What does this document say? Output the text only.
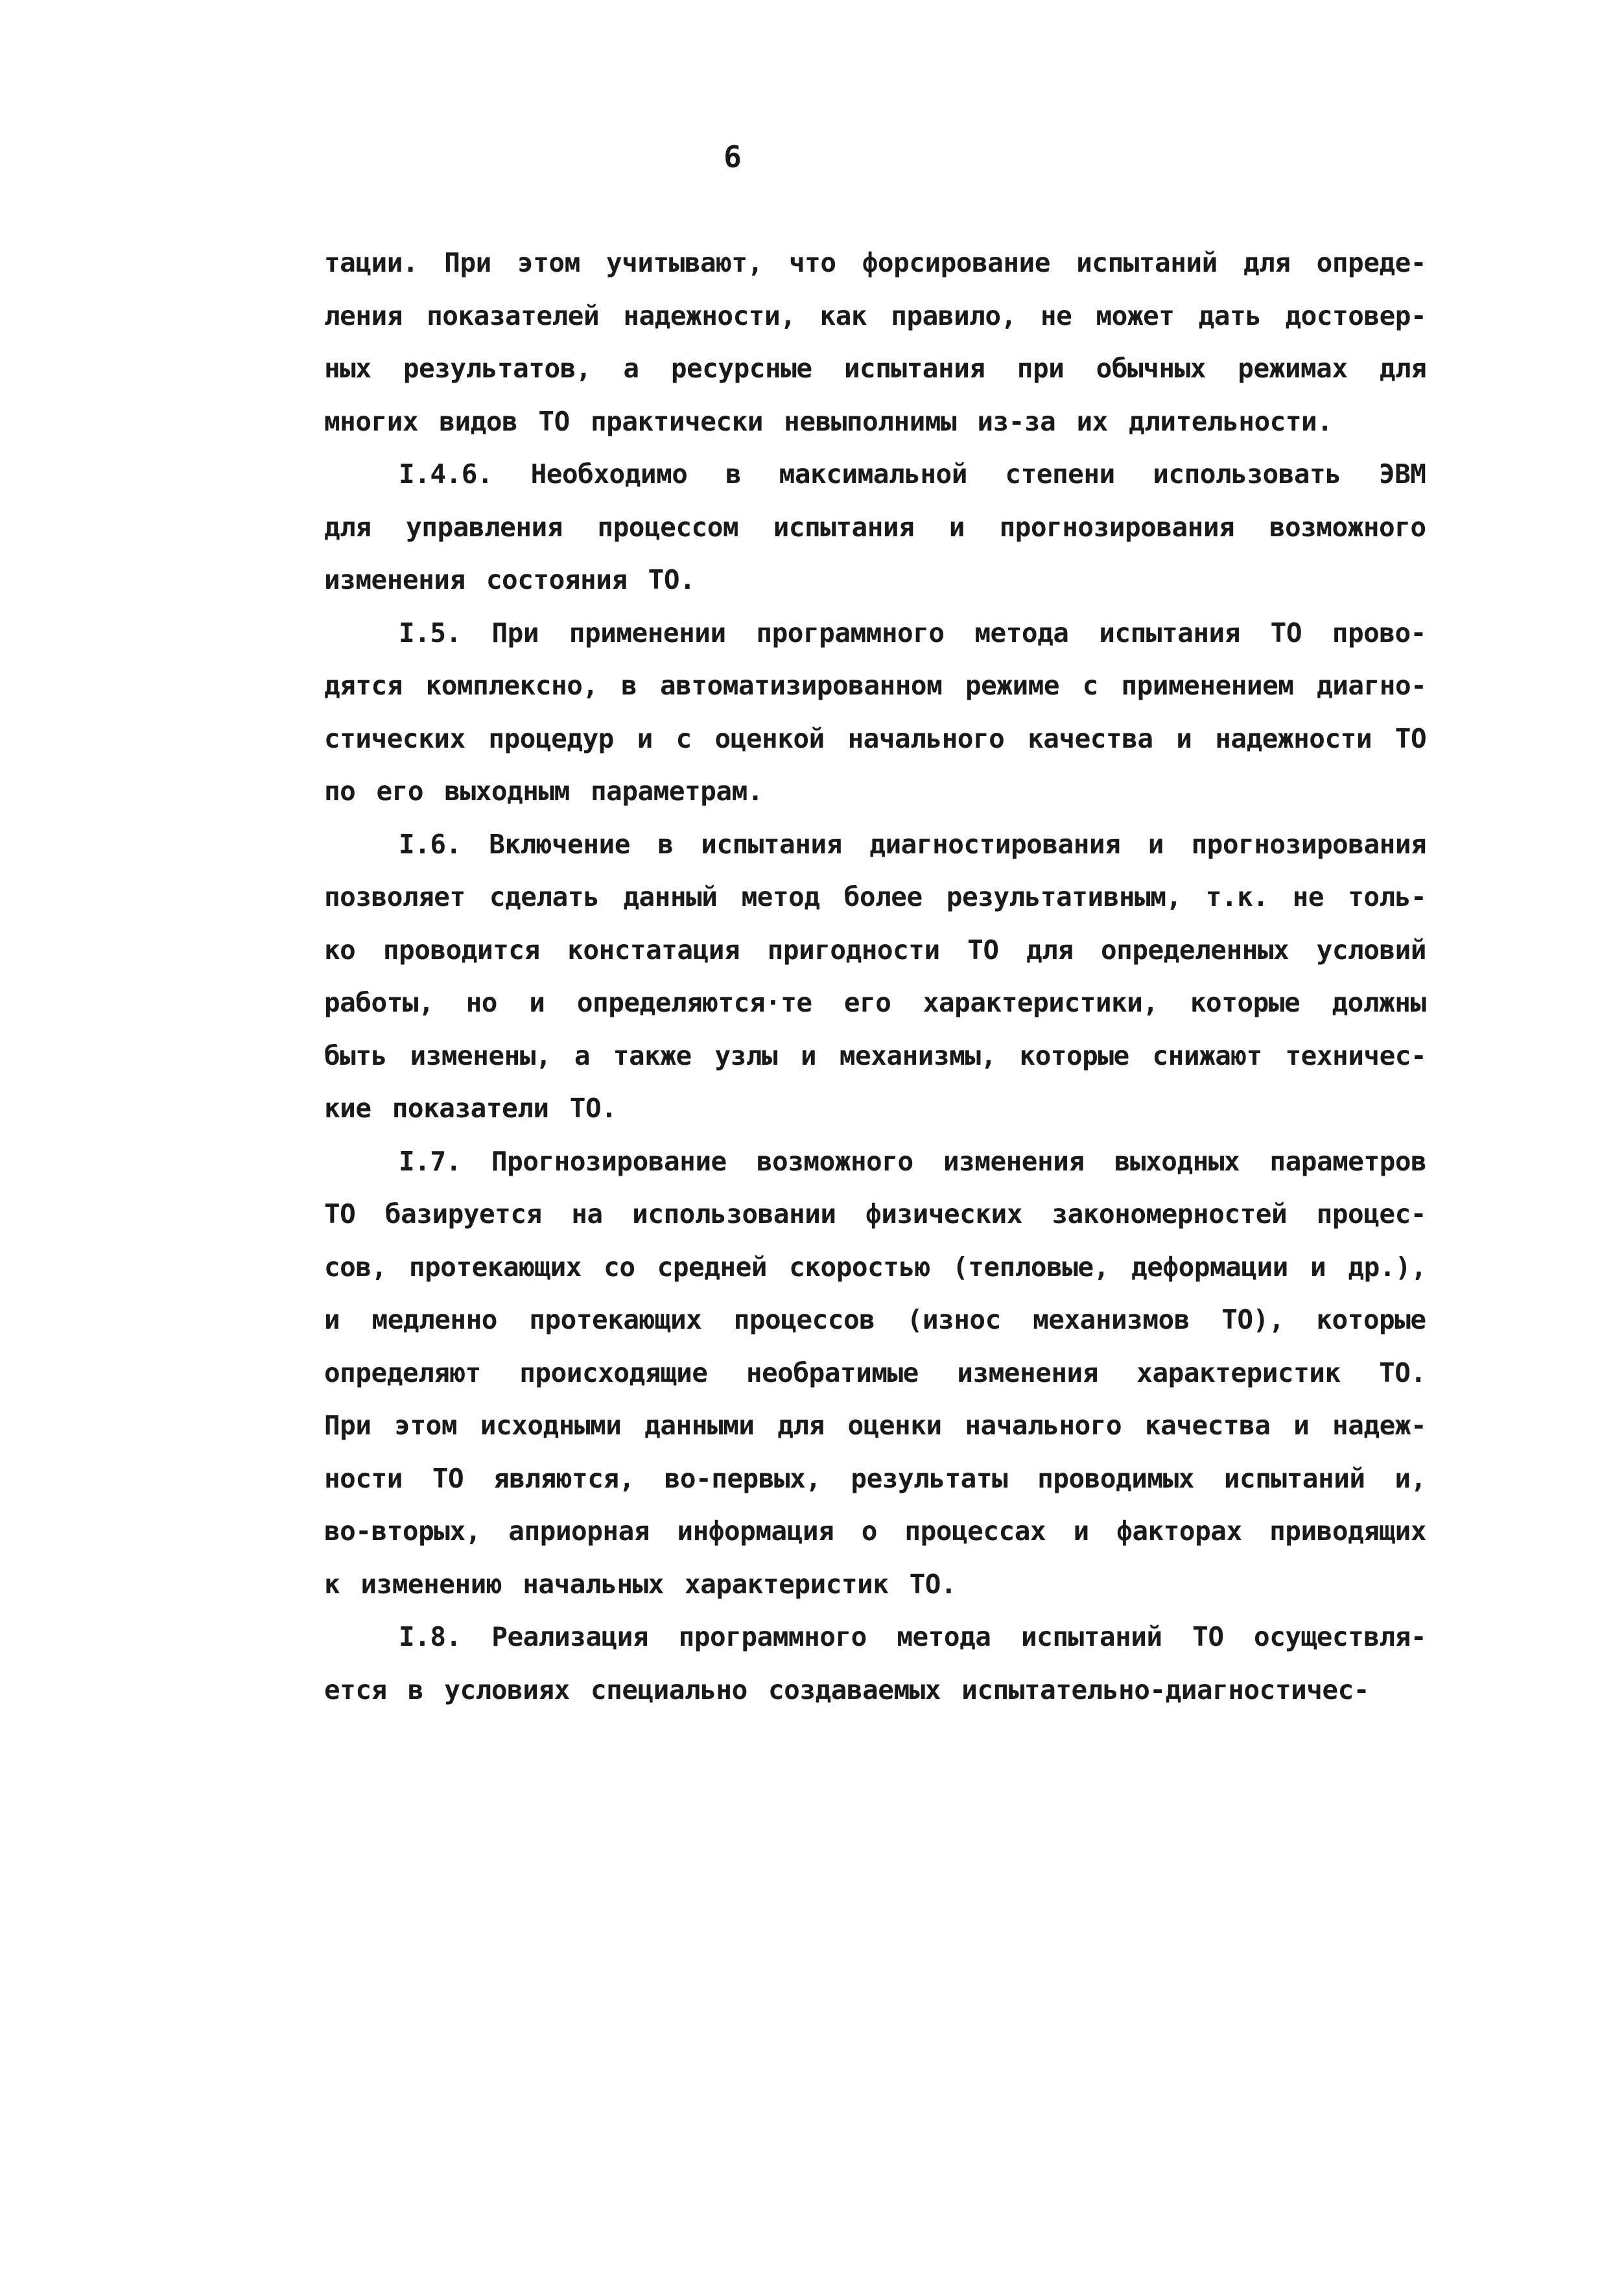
6
тации. При этом учитывают, что форсирование испытаний для опреде-
ления показателей надежности, как правило, не может дать достовер-
ных результатов, а ресурсные испытания при обычных режимах для
многих видов ТО практически невыполнимы из-за их длительности.
I.4.6. Необходимо в максимальной степени использовать ЭВМ
для управления процессом испытания и прогнозирования возможного
изменения состояния ТО.
I.5. При применении программного метода испытания ТО прово-
дятся комплексно, в автоматизированном режиме с применением диагно-
стических процедур и с оценкой начального качества и надежности ТО
по его выходным параметрам.
I.6. Включение в испытания диагностирования и прогнозирования
позволяет сделать данный метод более результативным, т.к. не толь-
ко проводится констатация пригодности ТО для определенных условий
работы, но и определяются·те его характеристики, которые должны
быть изменены, а также узлы и механизмы, которые снижают техничес-
кие показатели ТО.
I.7. Прогнозирование возможного изменения выходных параметров
ТО базируется на использовании физических закономерностей процес-
сов, протекающих со средней скоростью (тепловые, деформации и др.),
и медленно протекающих процессов (износ механизмов ТО), которые
определяют происходящие необратимые изменения характеристик ТО.
При этом исходными данными для оценки начального качества и надеж-
ности ТО являются, во-первых, результаты проводимых испытаний и,
во-вторых, априорная информация о процессах и факторах приводящих
к изменению начальных характеристик ТО.
I.8. Реализация программного метода испытаний ТО осуществля-
ется в условиях специально создаваемых испытательно-диагностичес-
